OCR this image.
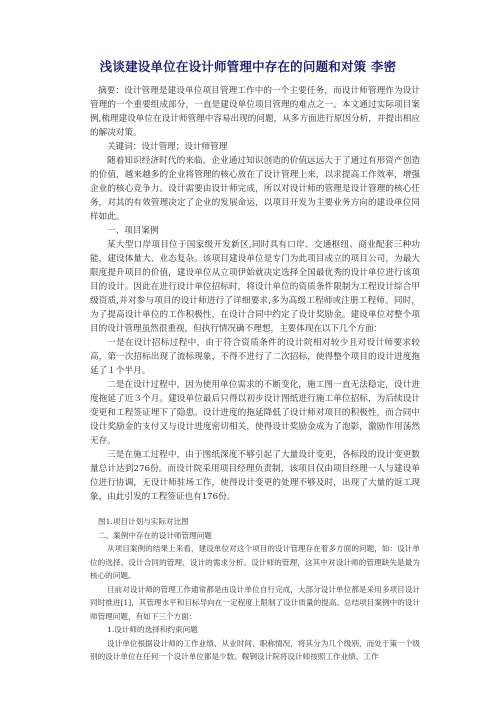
浅谈建设单位在设计师管理中存在的问题和对策 李密

摘要：设计管理是建设单位项目管理工作中的一个主要任务，而设计师管理作为设计管理的一个重要组成部分，一直是建设单位项目管理的难点之一。本文通过实际项目案例,梳理建设单位在设计师管理中容易出现的问题，从多方面进行原因分析，并提出相应的解决对策。

关键词：设计管理；设计师管理

随着知识经济时代的来临，企业通过知识创造的价值远远大于了通过有形资产创造的价值，越来越多的企业将管理的核心放在了设计管理上来，以求提高工作效率，增强企业的核心竞争力。设计需要由设计师完成，所以对设计师的管理是设计管理的核心任务，对其的有效管理决定了企业的发展命运，以项目开发为主要业务方向的建设单位同样如此。

一、项目案例

某大型口岸项目位于国家级开发新区,同时具有口岸、交通枢纽、商业配套三种功能，建设体量大、业态复杂。该项目建设单位是专门为此项目成立的项目公司，为最大限度提升项目的价值，建设单位从立项伊始就决定选择全国最优秀的设计单位进行该项目的设计。因此在进行设计单位招标时，将设计单位的资质条件限制为工程设计综合甲级资质,并对参与项目的设计师进行了详细要求,多为高级工程师或注册工程师。同时，为了提高设计单位的工作积极性，在设计合同中约定了设计奖励金。建设单位对整个项目的设计管理虽然很重视，但执行情况确不理想，主要体现在以下几个方面：

一是在设计招标过程中，由于符合资质条件的设计院相对较少且对设计师要求较高，第一次招标出现了流标现象，不得不进行了二次招标，使得整个项目的设计进度拖延了１个半月。

二是在设计过程中，因为使用单位需求的不断变化，施工图一直无法稳定，设计进度拖延了近３个月。建设单位最后只得以初步设计图纸进行施工单位招标，为后续设计变更和工程签证埋下了隐患。设计进度的拖延降低了设计师对项目的积极性，而合同中设计奖励金的支付又与设计进度密切相关，使得设计奖励金成为了泡影，激励作用荡然无存。

三是在施工过程中，由于图纸深度不够引起了大量设计变更，各标段的设计变更数量总计达到276份。而设计院采用项目经理负责制，该项目仅由项目经理一人与建设单位进行协调，无设计师驻场工作，使得设计变更的处理不够及时，出现了大量的返工现象，由此引发的工程签证也有176份。

图1.项目计划与实际对比图

二、案例中存在的设计师管理问题

从项目案例的结果上来看，建设单位对这个项目的设计管理存在着多方面的问题，如：设计单位的选择、设计合同的管理、设计的需求分析、设计师的管理，这其中对设计师的管理缺失是最为核心的问题。

目前对设计师的管理工作通常都是由设计单位自行完成，大部分设计单位都是采用多项目设计同时推进[1]，其管理水平和目标导向在一定程度上限制了设计质量的提高。总结项目案例中的设计师管理问题，有如下三个方面：

1.设计师的选择和约束问题

设计单位根据设计师的工作业绩、从业时间、职称情况，将其分为几个级别，而处于策一个级别的设计单位在任何一个设计单位都是少数。鞍钢设计院将设计师按照工作业绩、工作
